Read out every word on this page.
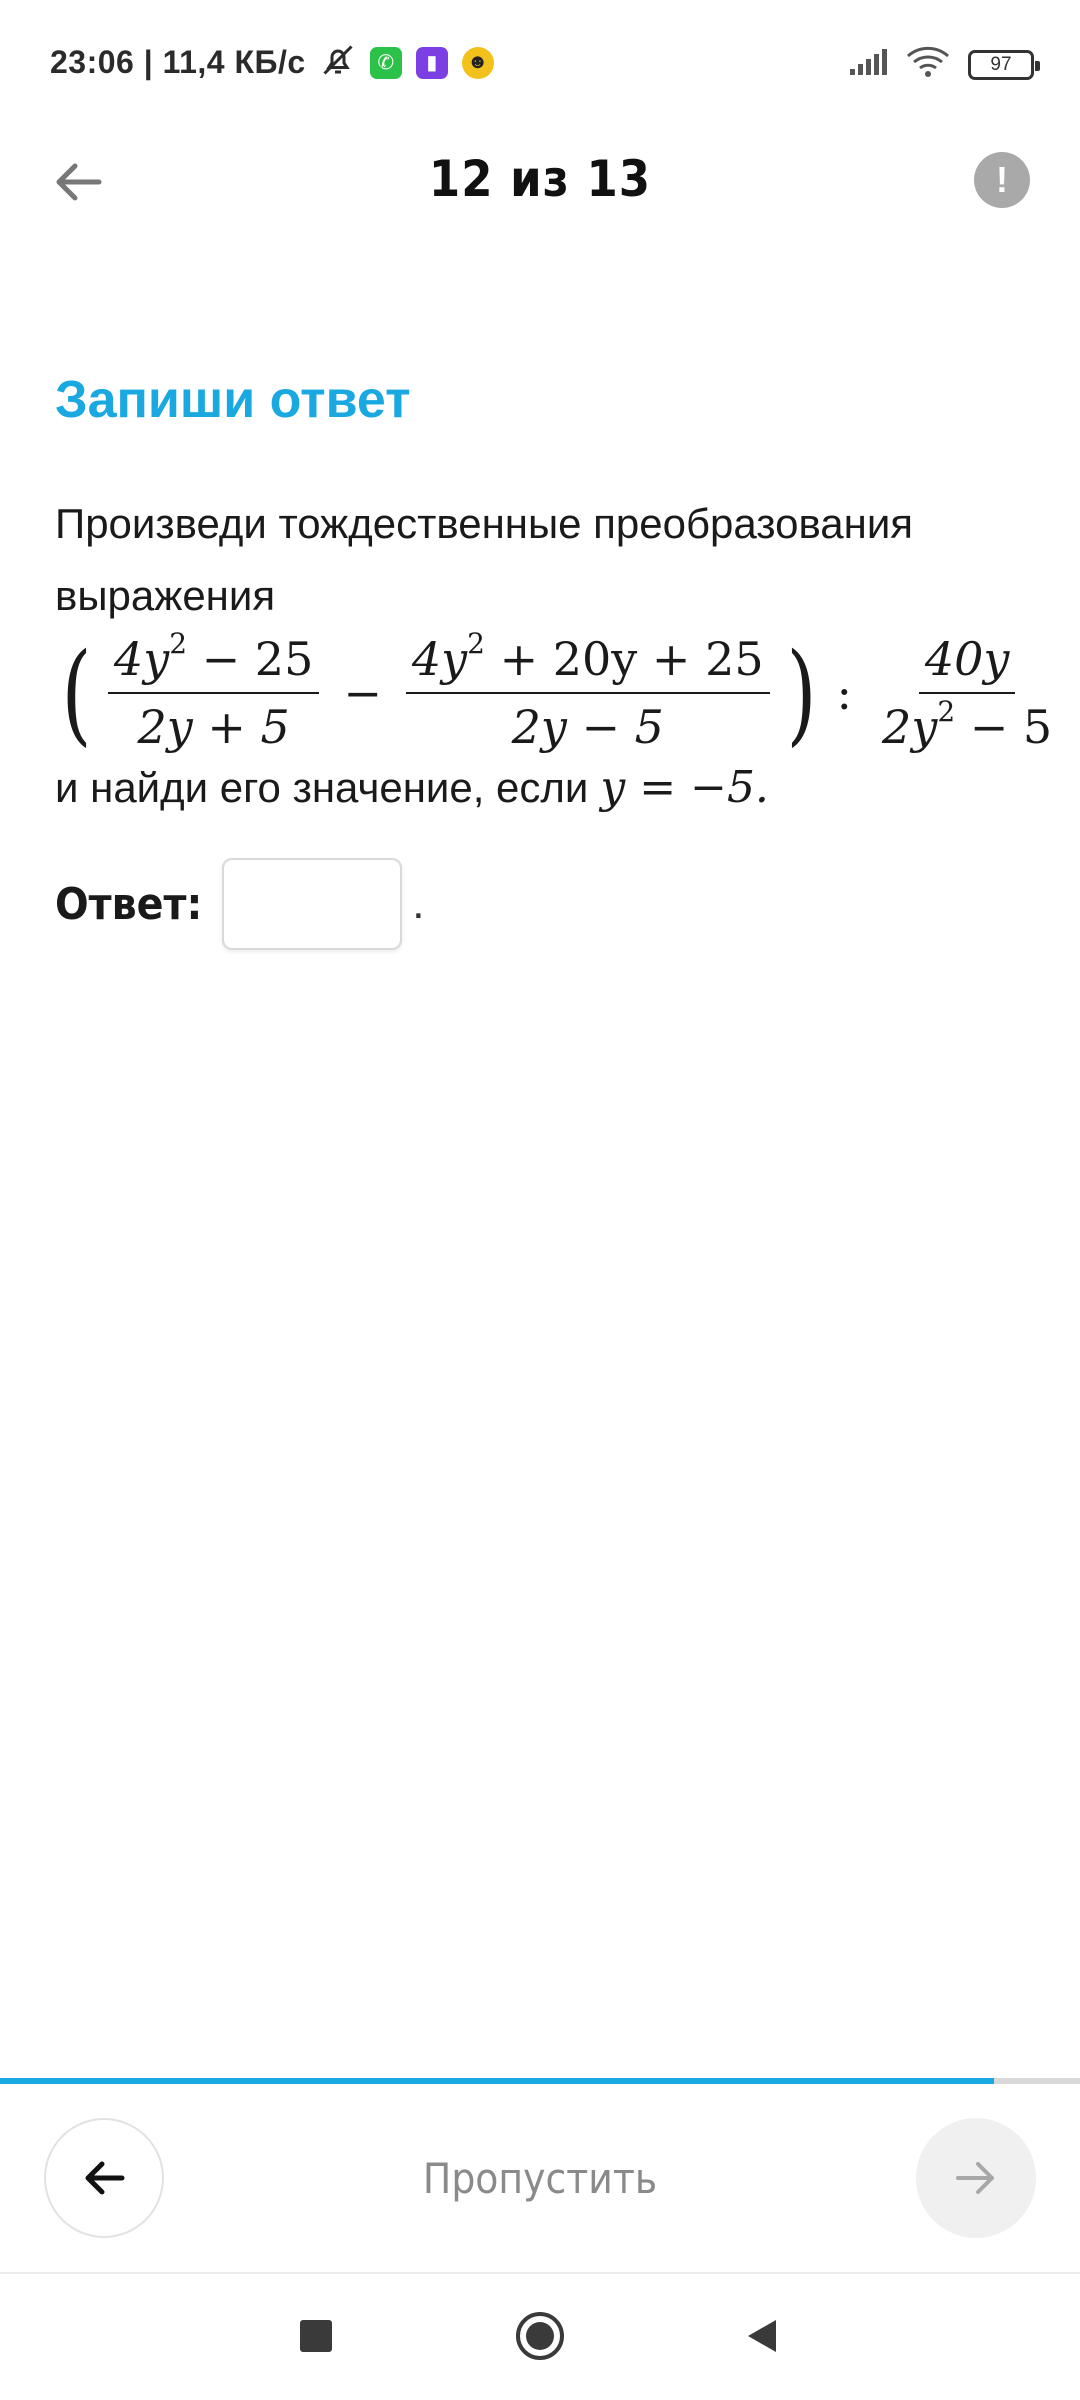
23:06 | 11,4 КБ/с	✆	▮	☻	97
12 из 13	!
Запиши ответ
Произведи тождественные преобразования выражения
( $\frac{4y^2 - 25}{2y + 5} - \frac{4y^2 + 20y + 25}{2y - 5}$ ) : $\frac{40y}{2y^2 - 5}$
и найди его значение, если y = −5.
Ответ:	.
Пропустить
